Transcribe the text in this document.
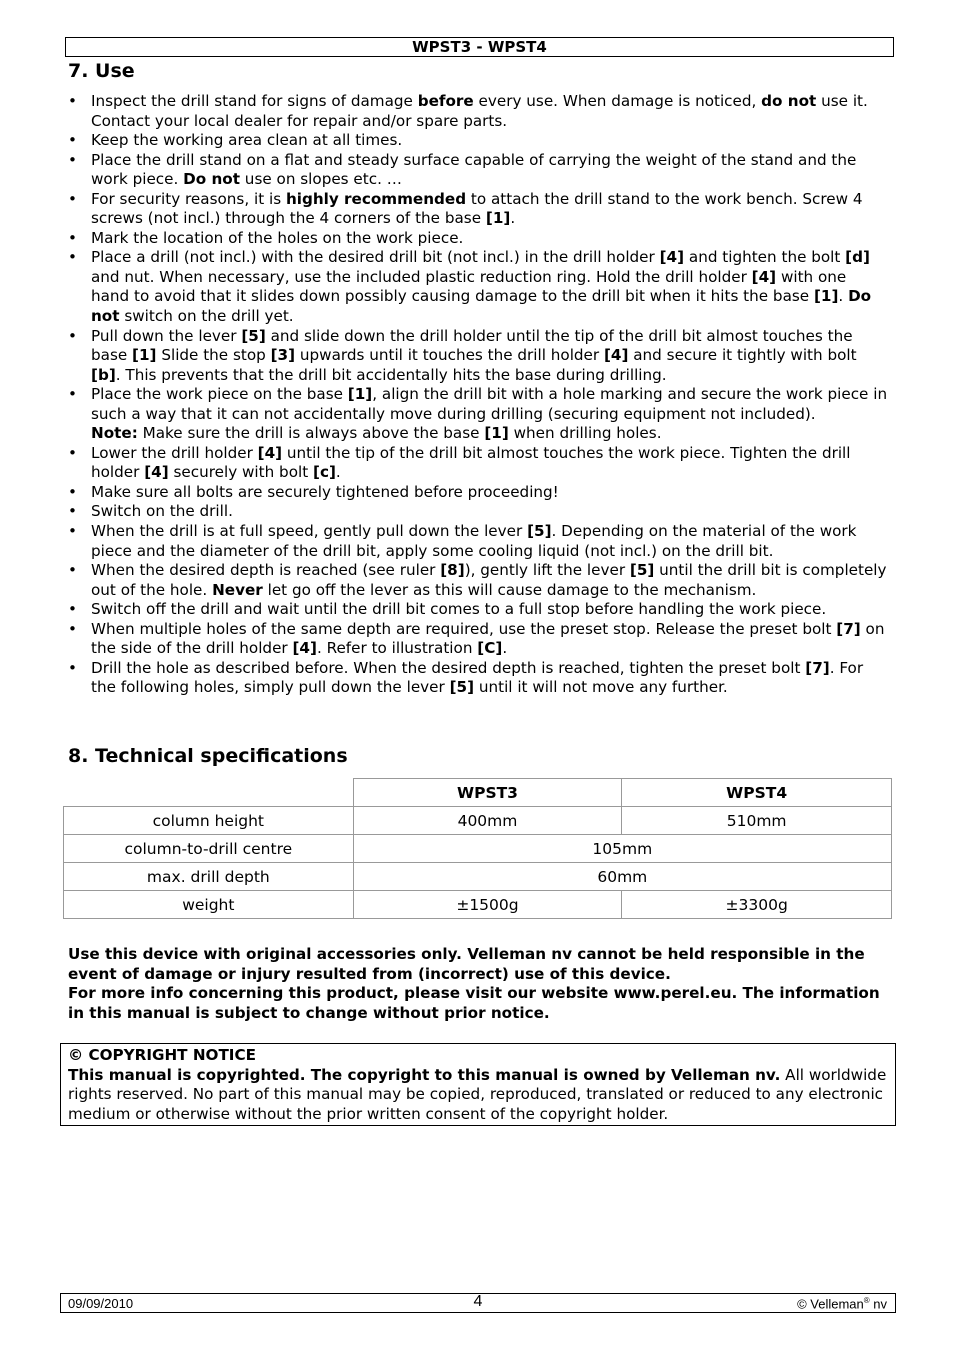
WPST3 - WPST4
7. Use
• Inspect the drill stand for signs of damage before every use. When damage is noticed, do not use it. Contact your local dealer for repair and/or spare parts.
• Keep the working area clean at all times.
• Place the drill stand on a flat and steady surface capable of carrying the weight of the stand and the work piece. Do not use on slopes etc. …
• For security reasons, it is highly recommended to attach the drill stand to the work bench. Screw 4 screws (not incl.) through the 4 corners of the base [1].
• Mark the location of the holes on the work piece.
• Place a drill (not incl.) with the desired drill bit (not incl.) in the drill holder [4] and tighten the bolt [d] and nut. When necessary, use the included plastic reduction ring. Hold the drill holder [4] with one hand to avoid that it slides down possibly causing damage to the drill bit when it hits the base [1]. Do not switch on the drill yet.
• Pull down the lever [5] and slide down the drill holder until the tip of the drill bit almost touches the base [1] Slide the stop [3] upwards until it touches the drill holder [4] and secure it tightly with bolt [b]. This prevents that the drill bit accidentally hits the base during drilling.
• Place the work piece on the base [1], align the drill bit with a hole marking and secure the work piece in such a way that it can not accidentally move during drilling (securing equipment not included).
Note: Make sure the drill is always above the base [1] when drilling holes.
• Lower the drill holder [4] until the tip of the drill bit almost touches the work piece. Tighten the drill holder [4] securely with bolt [c].
• Make sure all bolts are securely tightened before proceeding!
• Switch on the drill.
• When the drill is at full speed, gently pull down the lever [5]. Depending on the material of the work piece and the diameter of the drill bit, apply some cooling liquid (not incl.) on the drill bit.
• When the desired depth is reached (see ruler [8]), gently lift the lever [5] until the drill bit is completely out of the hole. Never let go off the lever as this will cause damage to the mechanism.
• Switch off the drill and wait until the drill bit comes to a full stop before handling the work piece.
• When multiple holes of the same depth are required, use the preset stop. Release the preset bolt [7] on the side of the drill holder [4]. Refer to illustration [C].
• Drill the hole as described before. When the desired depth is reached, tighten the preset bolt [7]. For the following holes, simply pull down the lever [5] until it will not move any further.
8. Technical specifications
	WPST3	WPST4
column height	400mm	510mm
column-to-drill centre	105mm	
max. drill depth	60mm	
weight	±1500g	±3300g
Use this device with original accessories only. Velleman nv cannot be held responsible in the event of damage or injury resulted from (incorrect) use of this device.
For more info concerning this product, please visit our website www.perel.eu. The information in this manual is subject to change without prior notice.
© COPYRIGHT NOTICE
This manual is copyrighted. The copyright to this manual is owned by Velleman nv. All worldwide rights reserved. No part of this manual may be copied, reproduced, translated or reduced to any electronic medium or otherwise without the prior written consent of the copyright holder.
09/09/2010	4	© Velleman® nv
